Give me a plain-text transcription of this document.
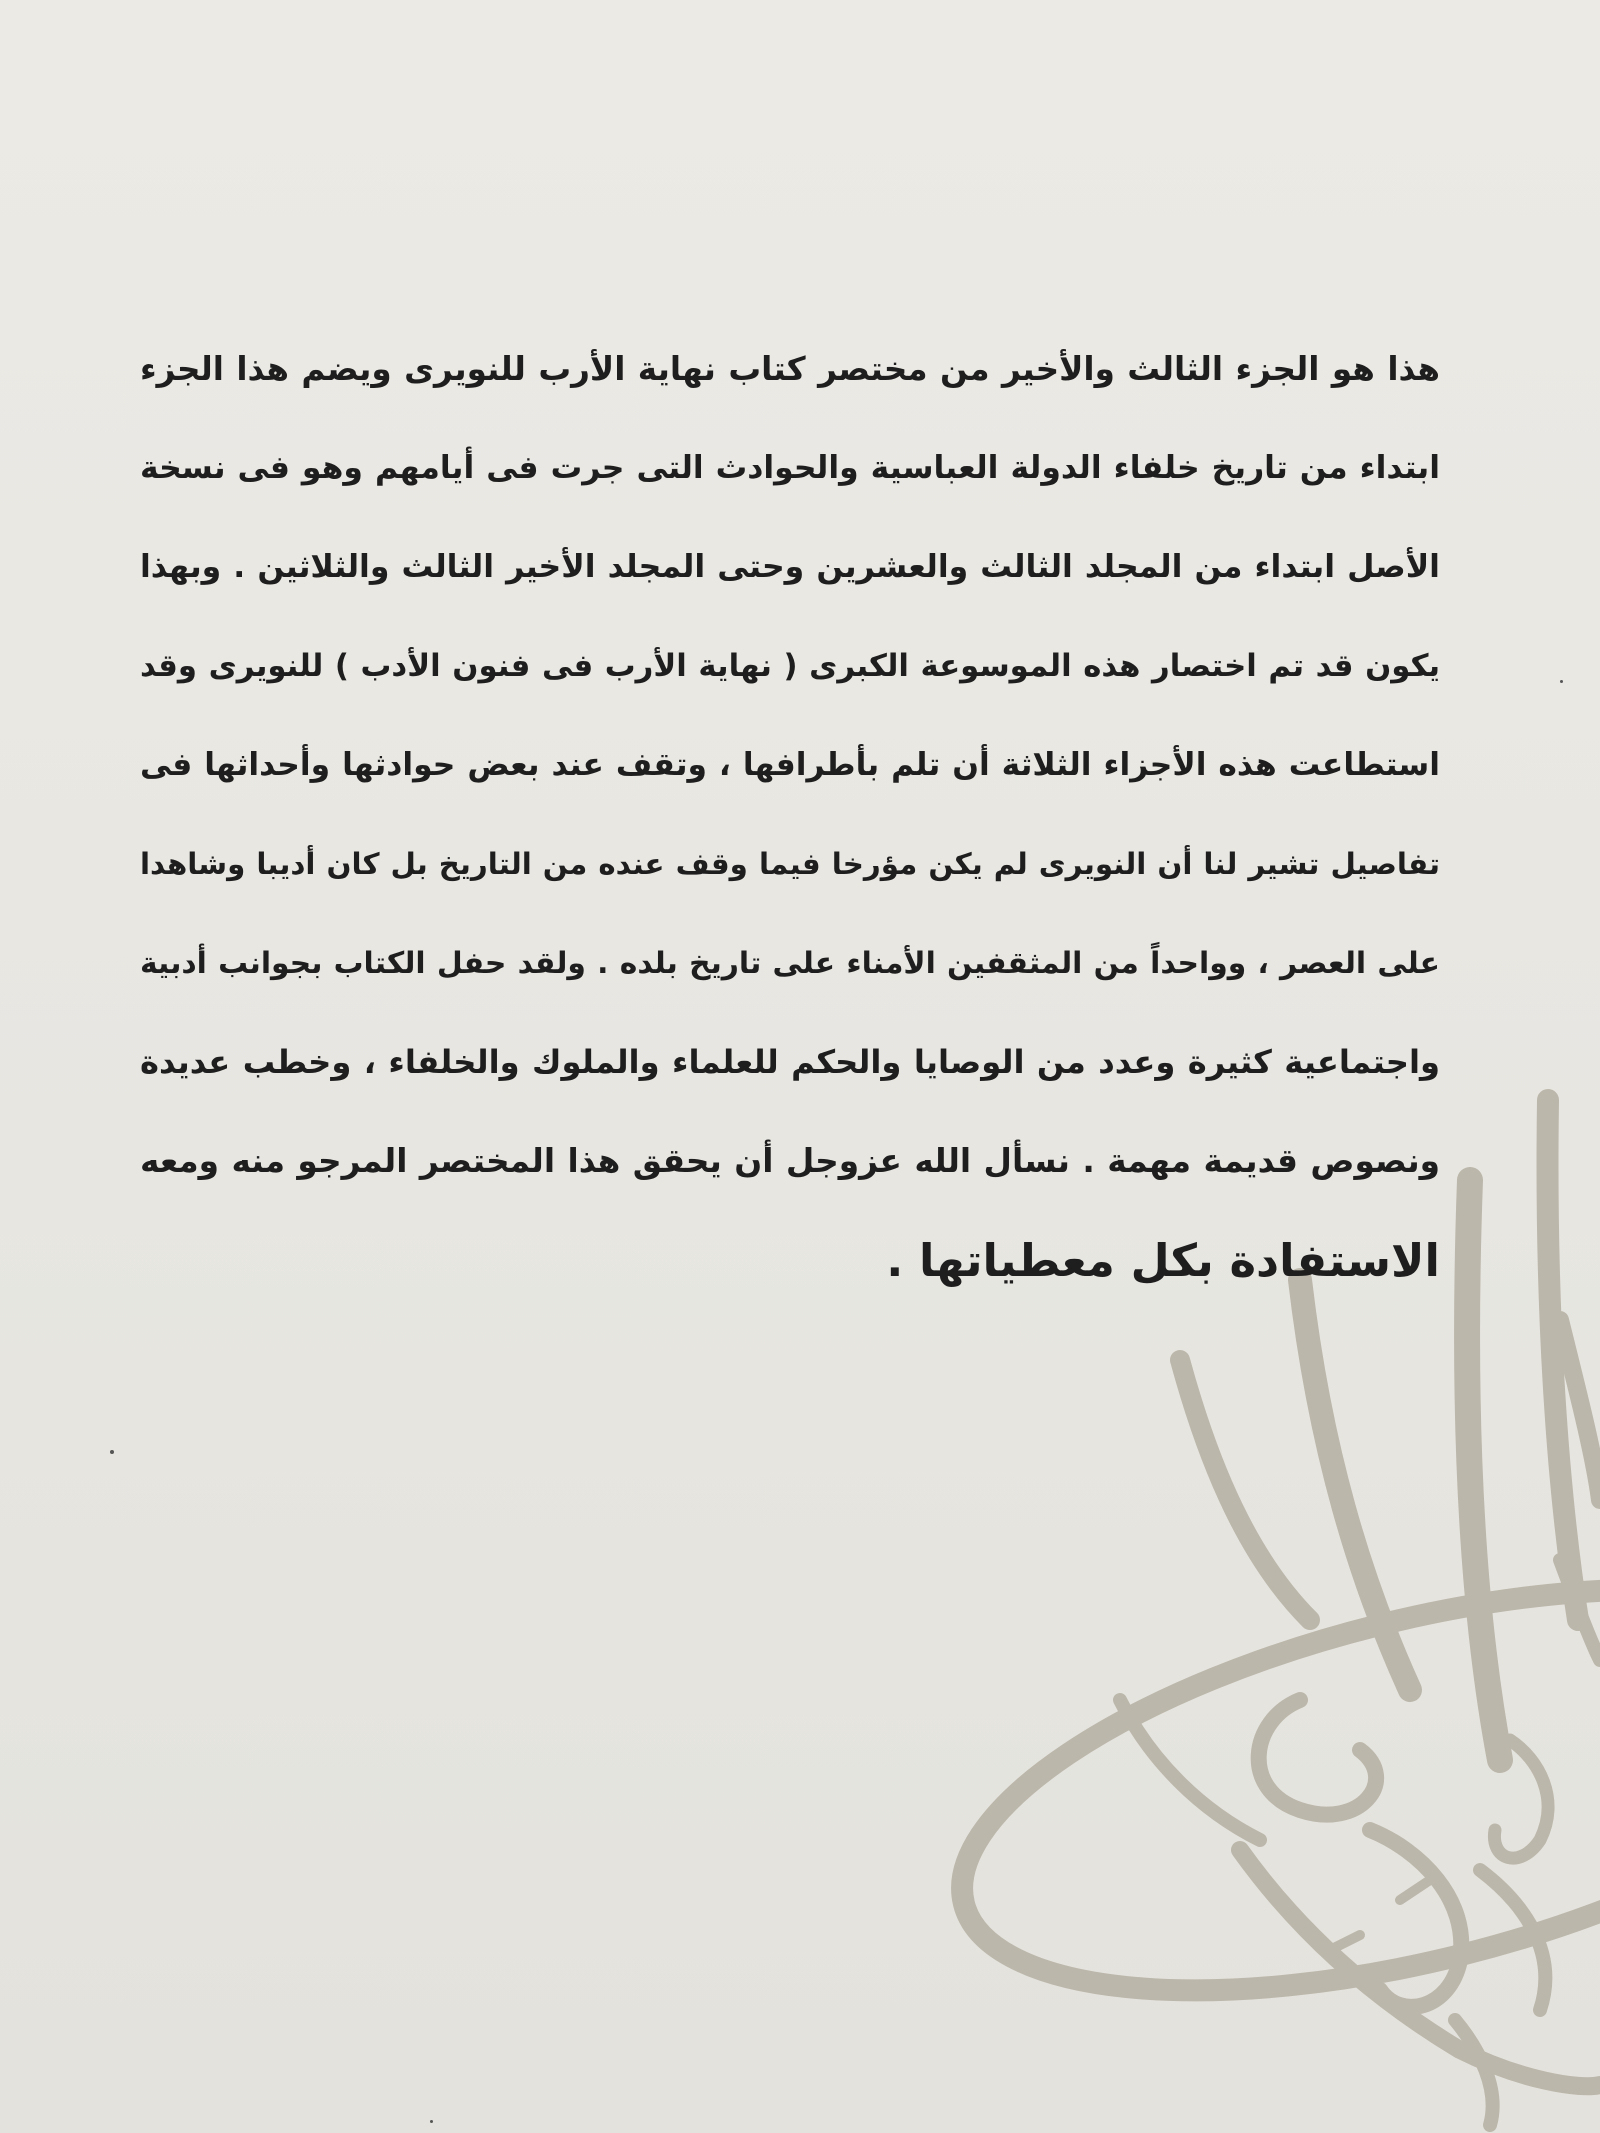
هذا هو الجزء الثالث والأخير من مختصر كتاب نهاية الأرب للنويرى ويضم هذا الجزء
ابتداء من تاريخ خلفاء الدولة العباسية والحوادث التى جرت فى أيامهم وهو فى نسخة
الأصل ابتداء من المجلد الثالث والعشرين وحتى المجلد الأخير الثالث والثلاثين . وبهذا
يكون قد تم اختصار هذه الموسوعة الكبرى ( نهاية الأرب فى فنون الأدب ) للنويرى وقد
استطاعت هذه الأجزاء الثلاثة أن تلم بأطرافها ، وتقف عند بعض حوادثها وأحداثها فى
تفاصيل تشير لنا أن النويرى لم يكن مؤرخا فيما وقف عنده من التاريخ بل كان أديبا وشاهدا
على العصر ، وواحداً من المثقفين الأمناء على تاريخ بلده . ولقد حفل الكتاب بجوانب أدبية
واجتماعية كثيرة وعدد من الوصايا والحكم للعلماء والملوك والخلفاء ، وخطب عديدة
ونصوص قديمة مهمة . نسأل الله عزوجل أن يحقق هذا المختصر المرجو منه ومعه
الاستفادة بكل معطياتها .
